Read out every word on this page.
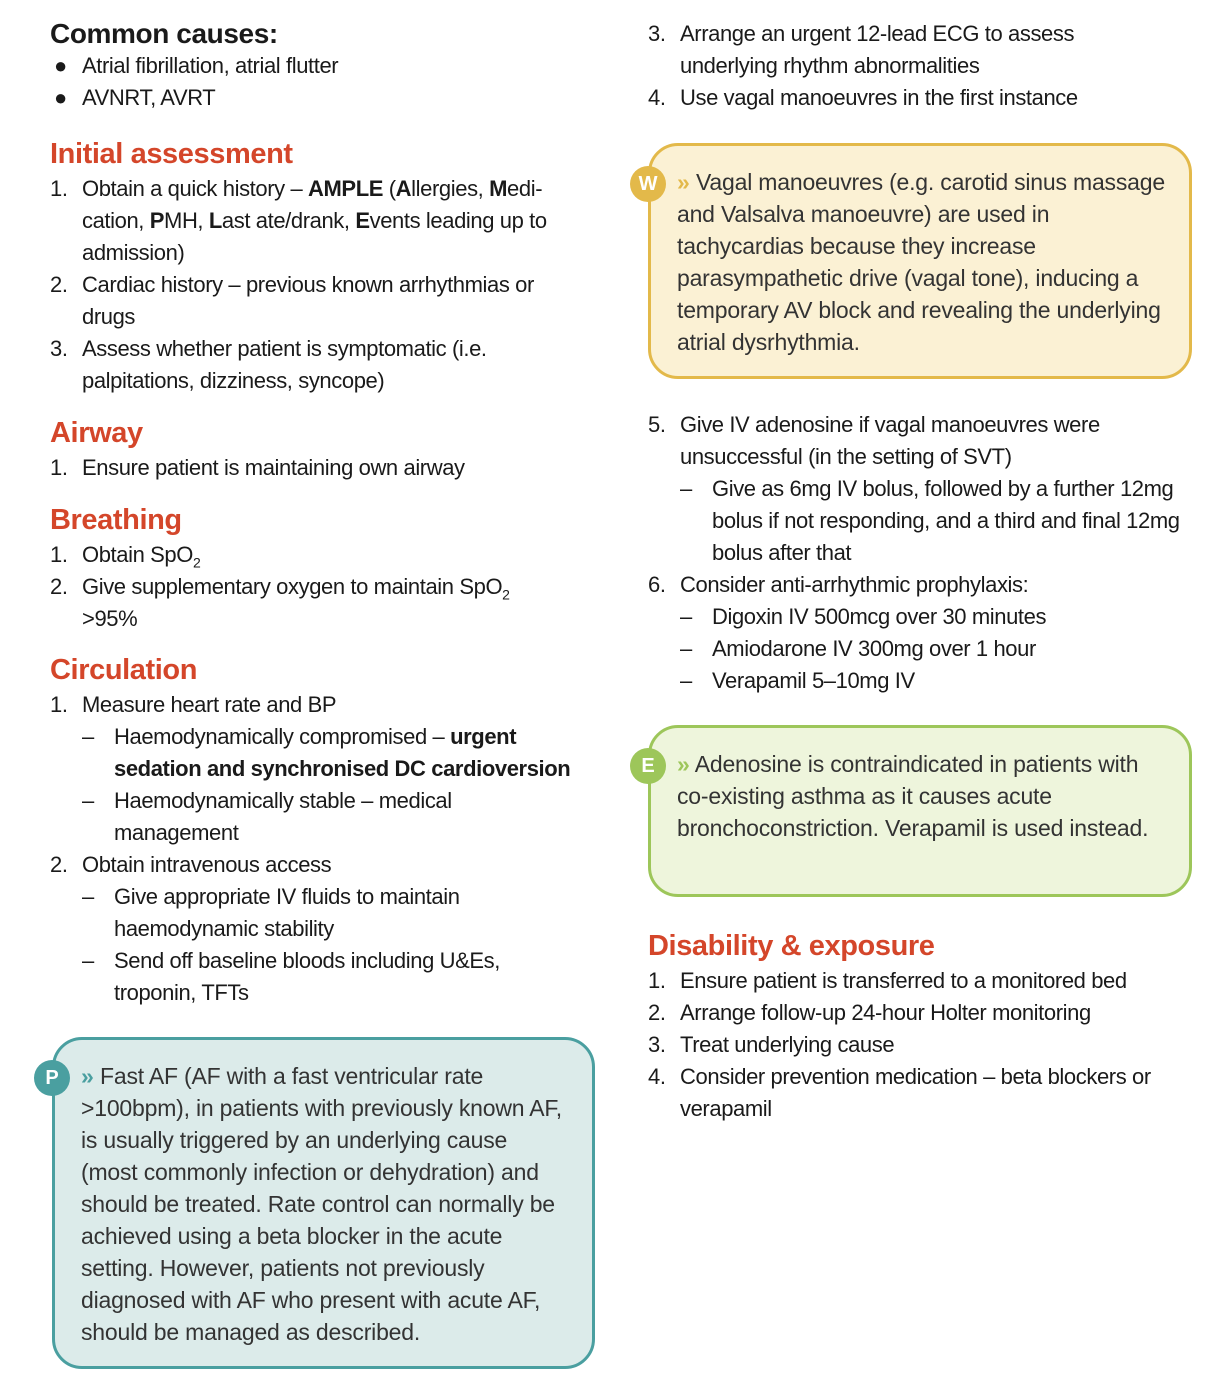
Common causes:
● Atrial fibrillation, atrial flutter
● AVNRT, AVRT
Initial assessment
1. Obtain a quick history – AMPLE (Allergies, Medi-cation, PMH, Last ate/drank, Events leading up to admission)
2. Cardiac history – previous known arrhythmias or drugs
3. Assess whether patient is symptomatic (i.e. palpitations, dizziness, syncope)
Airway
1. Ensure patient is maintaining own airway
Breathing
1. Obtain SpO$_2$
2. Give supplementary oxygen to maintain SpO$_2$ >95%
Circulation
1. Measure heart rate and BP
– Haemodynamically compromised – urgent sedation and synchronised DC cardioversion
– Haemodynamically stable – medical management
2. Obtain intravenous access
– Give appropriate IV fluids to maintain haemodynamic stability
– Send off baseline bloods including U&Es, troponin, TFTs
P » Fast AF (AF with a fast ventricular rate >100bpm), in patients with previously known AF, is usually triggered by an underlying cause (most commonly infection or dehydration) and should be treated. Rate control can normally be achieved using a beta blocker in the acute setting. However, patients not previously diagnosed with AF who present with acute AF, should be managed as described.
3. Arrange an urgent 12-lead ECG to assess underlying rhythm abnormalities
4. Use vagal manoeuvres in the first instance
W » Vagal manoeuvres (e.g. carotid sinus massage and Valsalva manoeuvre) are used in tachycardias because they increase parasympathetic drive (vagal tone), inducing a temporary AV block and revealing the underlying atrial dysrhythmia.
5. Give IV adenosine if vagal manoeuvres were unsuccessful (in the setting of SVT)
– Give as 6mg IV bolus, followed by a further 12mg bolus if not responding, and a third and final 12mg bolus after that
6. Consider anti-arrhythmic prophylaxis:
– Digoxin IV 500mcg over 30 minutes
– Amiodarone IV 300mg over 1 hour
– Verapamil 5–10mg IV
E » Adenosine is contraindicated in patients with co-existing asthma as it causes acute bronchoconstriction. Verapamil is used instead.
Disability & exposure
1. Ensure patient is transferred to a monitored bed
2. Arrange follow-up 24-hour Holter monitoring
3. Treat underlying cause
4. Consider prevention medication – beta blockers or verapamil
